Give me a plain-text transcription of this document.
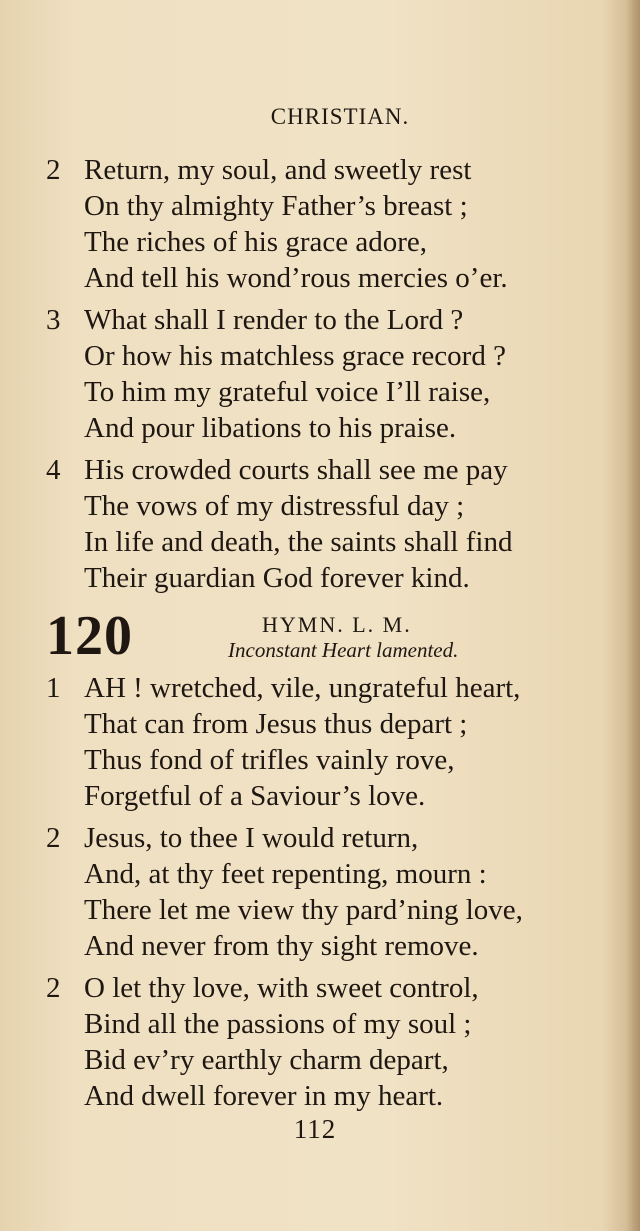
CHRISTIAN.
2 Return, my soul, and sweetly rest
On thy almighty Father’s breast ;
The riches of his grace adore,
And tell his wond’rous mercies o’er.
3 What shall I render to the Lord ?
Or how his matchless grace record ?
To him my grateful voice I’ll raise,
And pour libations to his praise.
4 His crowded courts shall see me pay
The vows of my distressful day ;
In life and death, the saints shall find
Their guardian God forever kind.
120	HYMN. L. M.
Inconstant Heart lamented.
1 AH ! wretched, vile, ungrateful heart,
That can from Jesus thus depart ;
Thus fond of trifles vainly rove,
Forgetful of a Saviour’s love.
2 Jesus, to thee I would return,
And, at thy feet repenting, mourn :
There let me view thy pard’ning love,
And never from thy sight remove.
2 O let thy love, with sweet control,
Bind all the passions of my soul ;
Bid ev’ry earthly charm depart,
And dwell forever in my heart.
112
